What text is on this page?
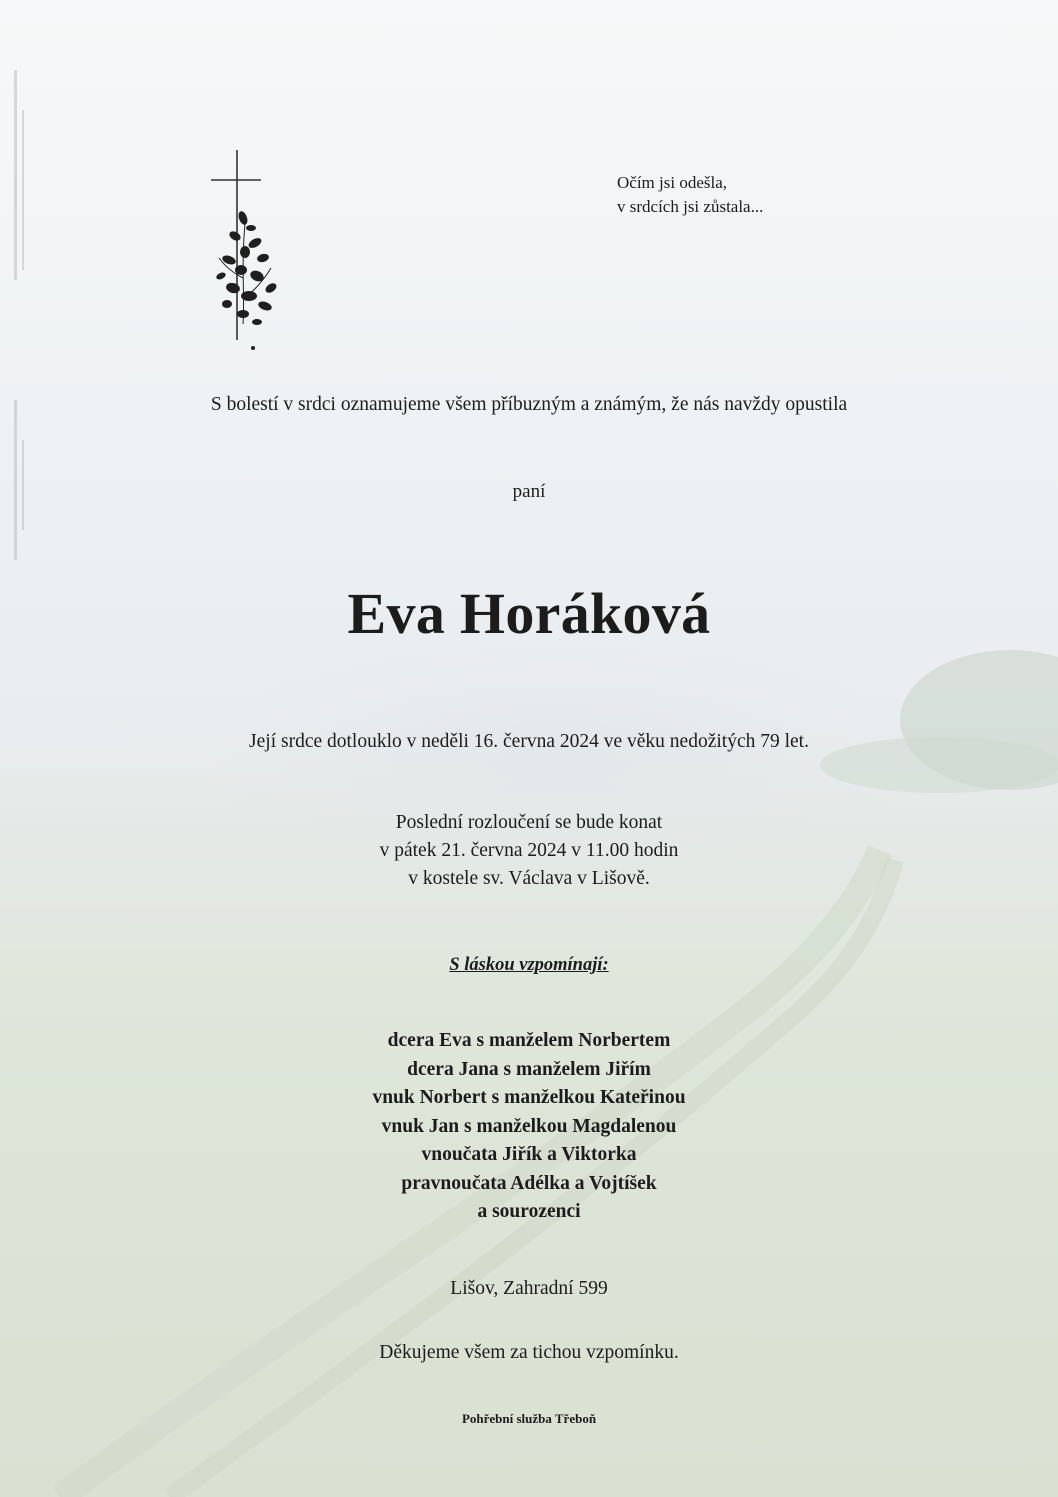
Očím jsi odešla,
v srdcích jsi zůstala...

S bolestí v srdci oznamujeme všem příbuzným a známým, že nás navždy opustila

paní

Eva Horáková

Její srdce dotlouklo v neděli 16. června 2024 ve věku nedožitých 79 let.

Poslední rozloučení se bude konat
v pátek 21. června 2024 v 11.00 hodin
v kostele sv. Václava v Lišově.

S láskou vzpomínají:

dcera Eva s manželem Norbertem
dcera Jana s manželem Jiřím
vnuk Norbert s manželkou Kateřinou
vnuk Jan s manželkou Magdalenou
vnoučata Jiřík a Viktorka
pravnoučata Adélka a Vojtíšek
a sourozenci

Lišov, Zahradní 599

Děkujeme všem za tichou vzpomínku.

Pohřební služba Třeboň
